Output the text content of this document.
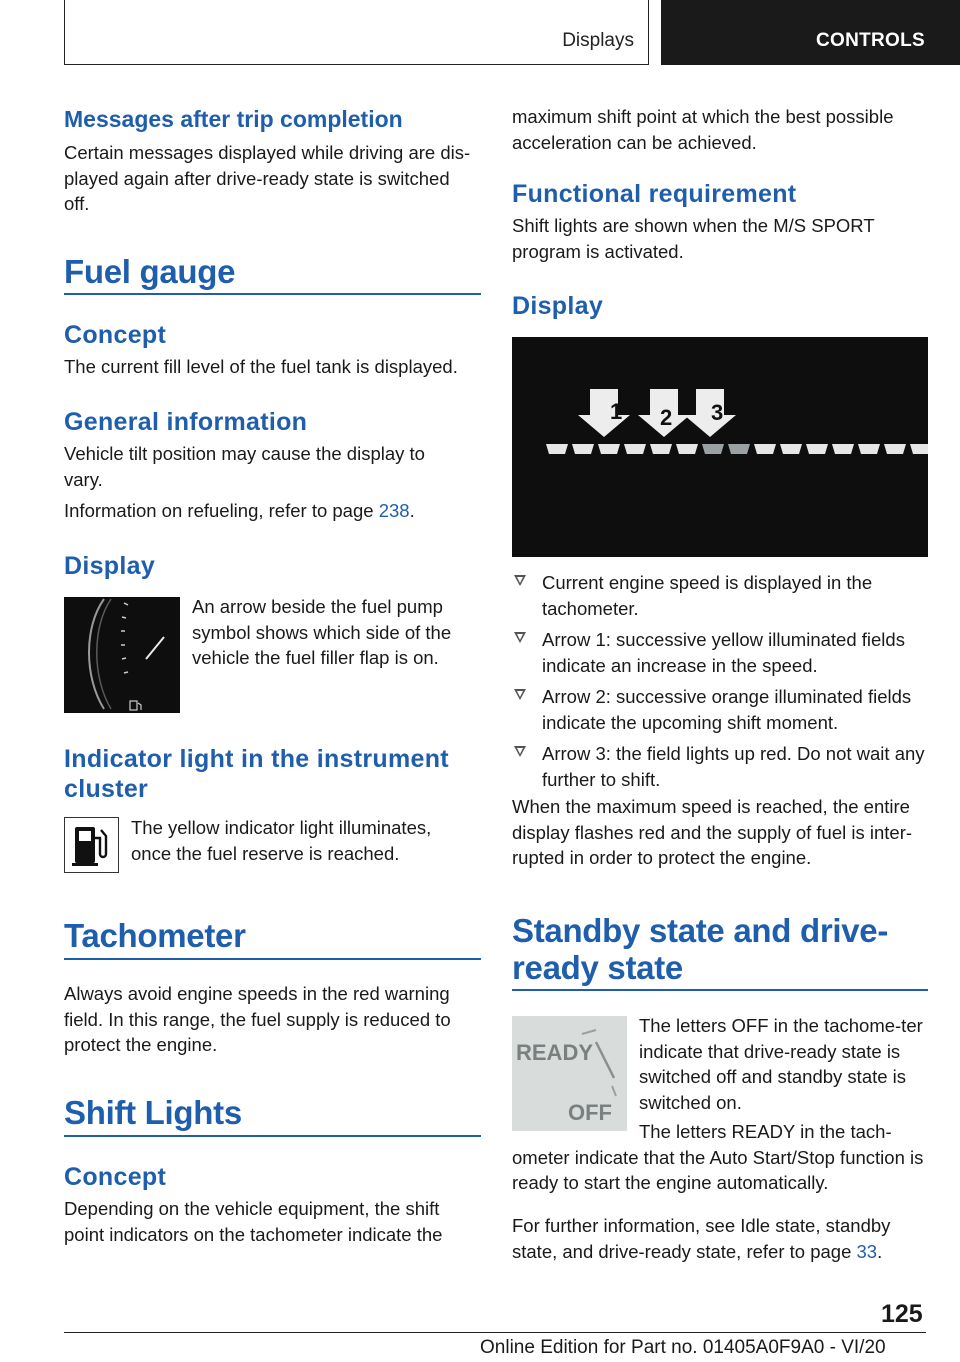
Displays	CONTROLS
Messages after trip completion

Certain messages displayed while driving are dis-played again after drive-ready state is switched off.

Fuel gauge
Concept

The current fill level of the fuel tank is displayed.

General information

Vehicle tilt position may cause the display to vary.

Information on refueling, refer to page 238.

Display

An arrow beside the fuel pump symbol shows which side of the vehicle the fuel filler flap is on.

Indicator light in the instrument cluster

The yellow indicator light illuminates, once the fuel reserve is reached.

Tachometer

Always avoid engine speeds in the red warning field. In this range, the fuel supply is reduced to protect the engine.

Shift Lights
Concept

Depending on the vehicle equipment, the shift point indicators on the tachometer indicate the

maximum shift point at which the best possible acceleration can be achieved.

Functional requirement

Shift lights are shown when the M/S SPORT program is activated.

Display
1 2 3
Current engine speed is displayed in the tachometer.
Arrow 1: successive yellow illuminated fields indicate an increase in the speed.
Arrow 2: successive orange illuminated fields indicate the upcoming shift moment.
Arrow 3: the field lights up red. Do not wait any further to shift.

When the maximum speed is reached, the entire display flashes red and the supply of fuel is inter-rupted in order to protect the engine.

Standby state and drive-
ready state
READY
OFF

The letters OFF in the tachome-ter indicate that drive-ready state is switched off and standby state is switched on.

The letters READY in the tach-ometer indicate that the Auto Start/Stop function is ready to start the engine automatically.

For further information, see Idle state, standby state, and drive-ready state, refer to page 33.

125
Online Edition for Part no. 01405A0F9A0 - VI/20
